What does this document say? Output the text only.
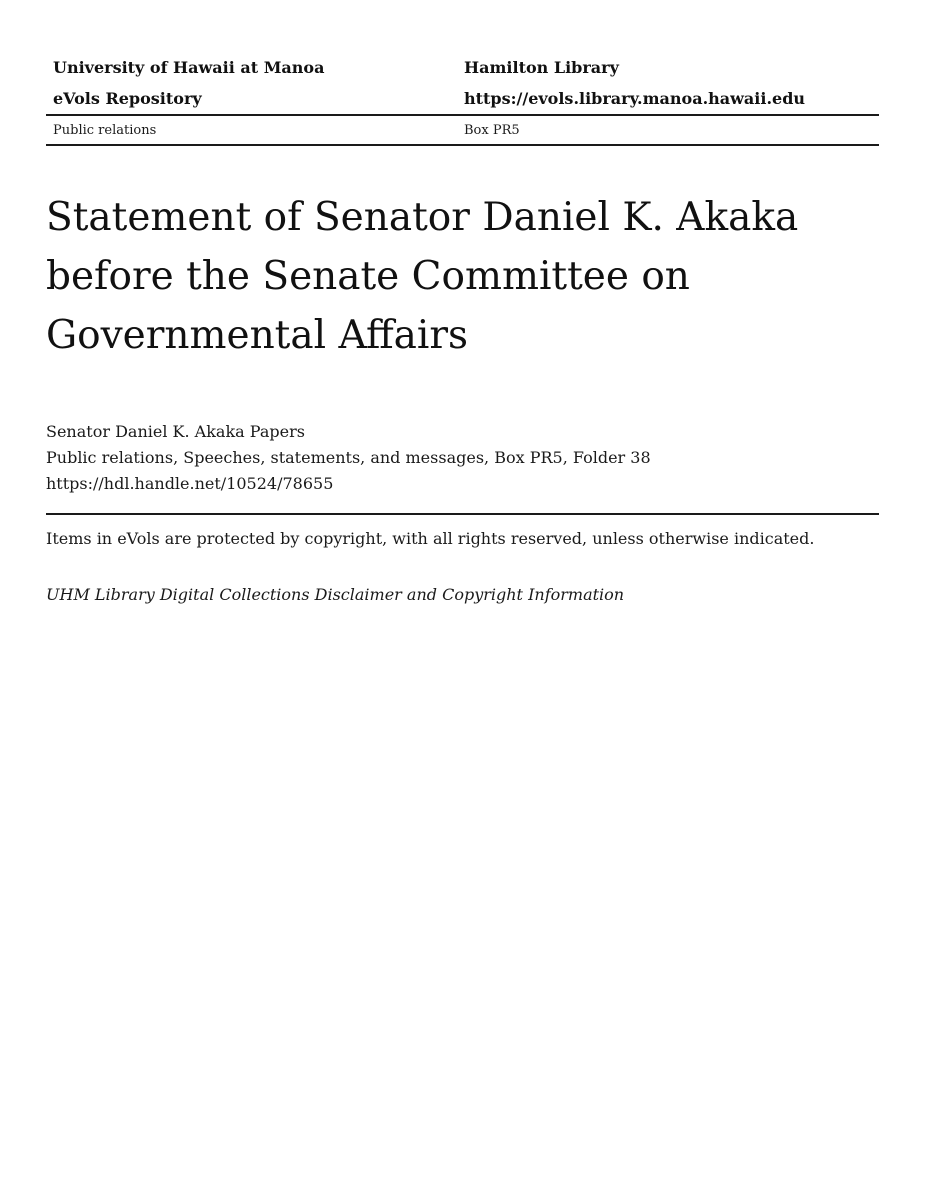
University of Hawaii at Manoa	Hamilton Library
eVols Repository	https://evols.library.manoa.hawaii.edu
Public relations	Box PR5
Statement of Senator Daniel K. Akaka before the Senate Committee on Governmental Affairs
Senator Daniel K. Akaka Papers
Public relations, Speeches, statements, and messages, Box PR5, Folder 38
https://hdl.handle.net/10524/78655
Items in eVols are protected by copyright, with all rights reserved, unless otherwise indicated.
UHM Library Digital Collections Disclaimer and Copyright Information
